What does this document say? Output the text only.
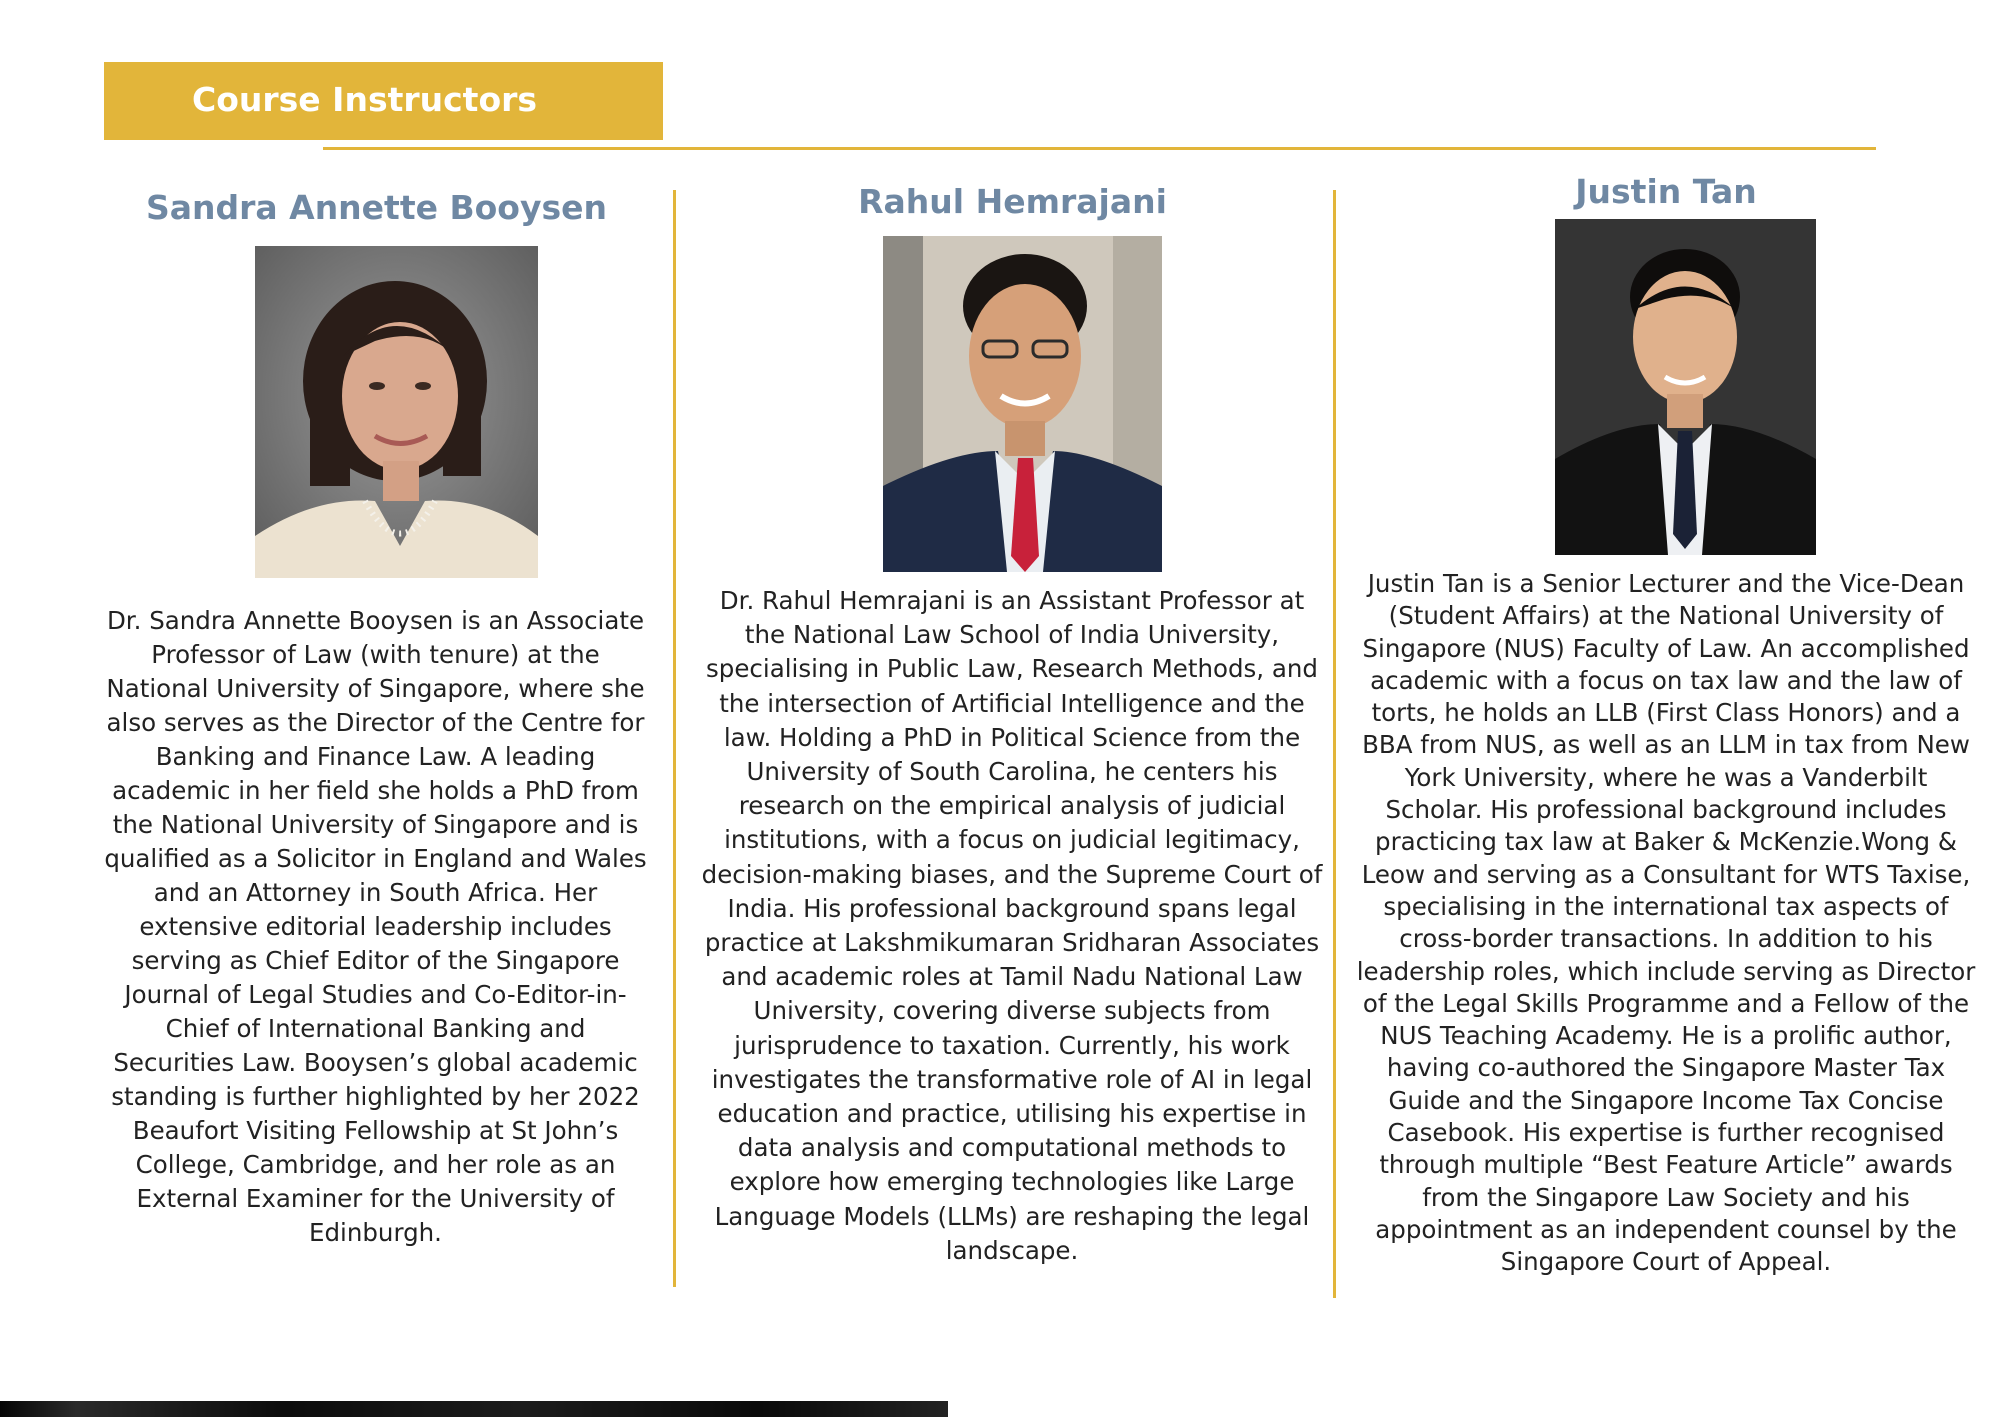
Course Instructors
Sandra Annette Booysen

Dr. Sandra Annette Booysen is an Associate Professor of Law (with tenure) at the National University of Singapore, where she also serves as the Director of the Centre for Banking and Finance Law. A leading academic in her field she holds a PhD from the National University of Singapore and is qualified as a Solicitor in England and Wales and an Attorney in South Africa. Her extensive editorial leadership includes serving as Chief Editor of the Singapore Journal of Legal Studies and Co-Editor-in-Chief of International Banking and Securities Law. Booysen’s global academic standing is further highlighted by her 2022 Beaufort Visiting Fellowship at St John’s College, Cambridge, and her role as an External Examiner for the University of Edinburgh.

Rahul Hemrajani

Dr. Rahul Hemrajani is an Assistant Professor at the National Law School of India University, specialising in Public Law, Research Methods, and the intersection of Artificial Intelligence and the law. Holding a PhD in Political Science from the University of South Carolina, he centers his research on the empirical analysis of judicial institutions, with a focus on judicial legitimacy, decision-making biases, and the Supreme Court of India. His professional background spans legal practice at Lakshmikumaran Sridharan Associates and academic roles at Tamil Nadu National Law University, covering diverse subjects from jurisprudence to taxation. Currently, his work investigates the transformative role of AI in legal education and practice, utilising his expertise in data analysis and computational methods to explore how emerging technologies like Large Language Models (LLMs) are reshaping the legal landscape.

Justin Tan

Justin Tan is a Senior Lecturer and the Vice-Dean (Student Affairs) at the National University of Singapore (NUS) Faculty of Law. An accomplished academic with a focus on tax law and the law of torts, he holds an LLB (First Class Honors) and a BBA from NUS, as well as an LLM in tax from New York University, where he was a Vanderbilt Scholar. His professional background includes practicing tax law at Baker & McKenzie.Wong & Leow and serving as a Consultant for WTS Taxise, specialising in the international tax aspects of cross-border transactions. In addition to his leadership roles, which include serving as Director of the Legal Skills Programme and a Fellow of the NUS Teaching Academy. He is a prolific author, having co-authored the Singapore Master Tax Guide and the Singapore Income Tax Concise Casebook. His expertise is further recognised through multiple “Best Feature Article” awards from the Singapore Law Society and his appointment as an independent counsel by the Singapore Court of Appeal.
